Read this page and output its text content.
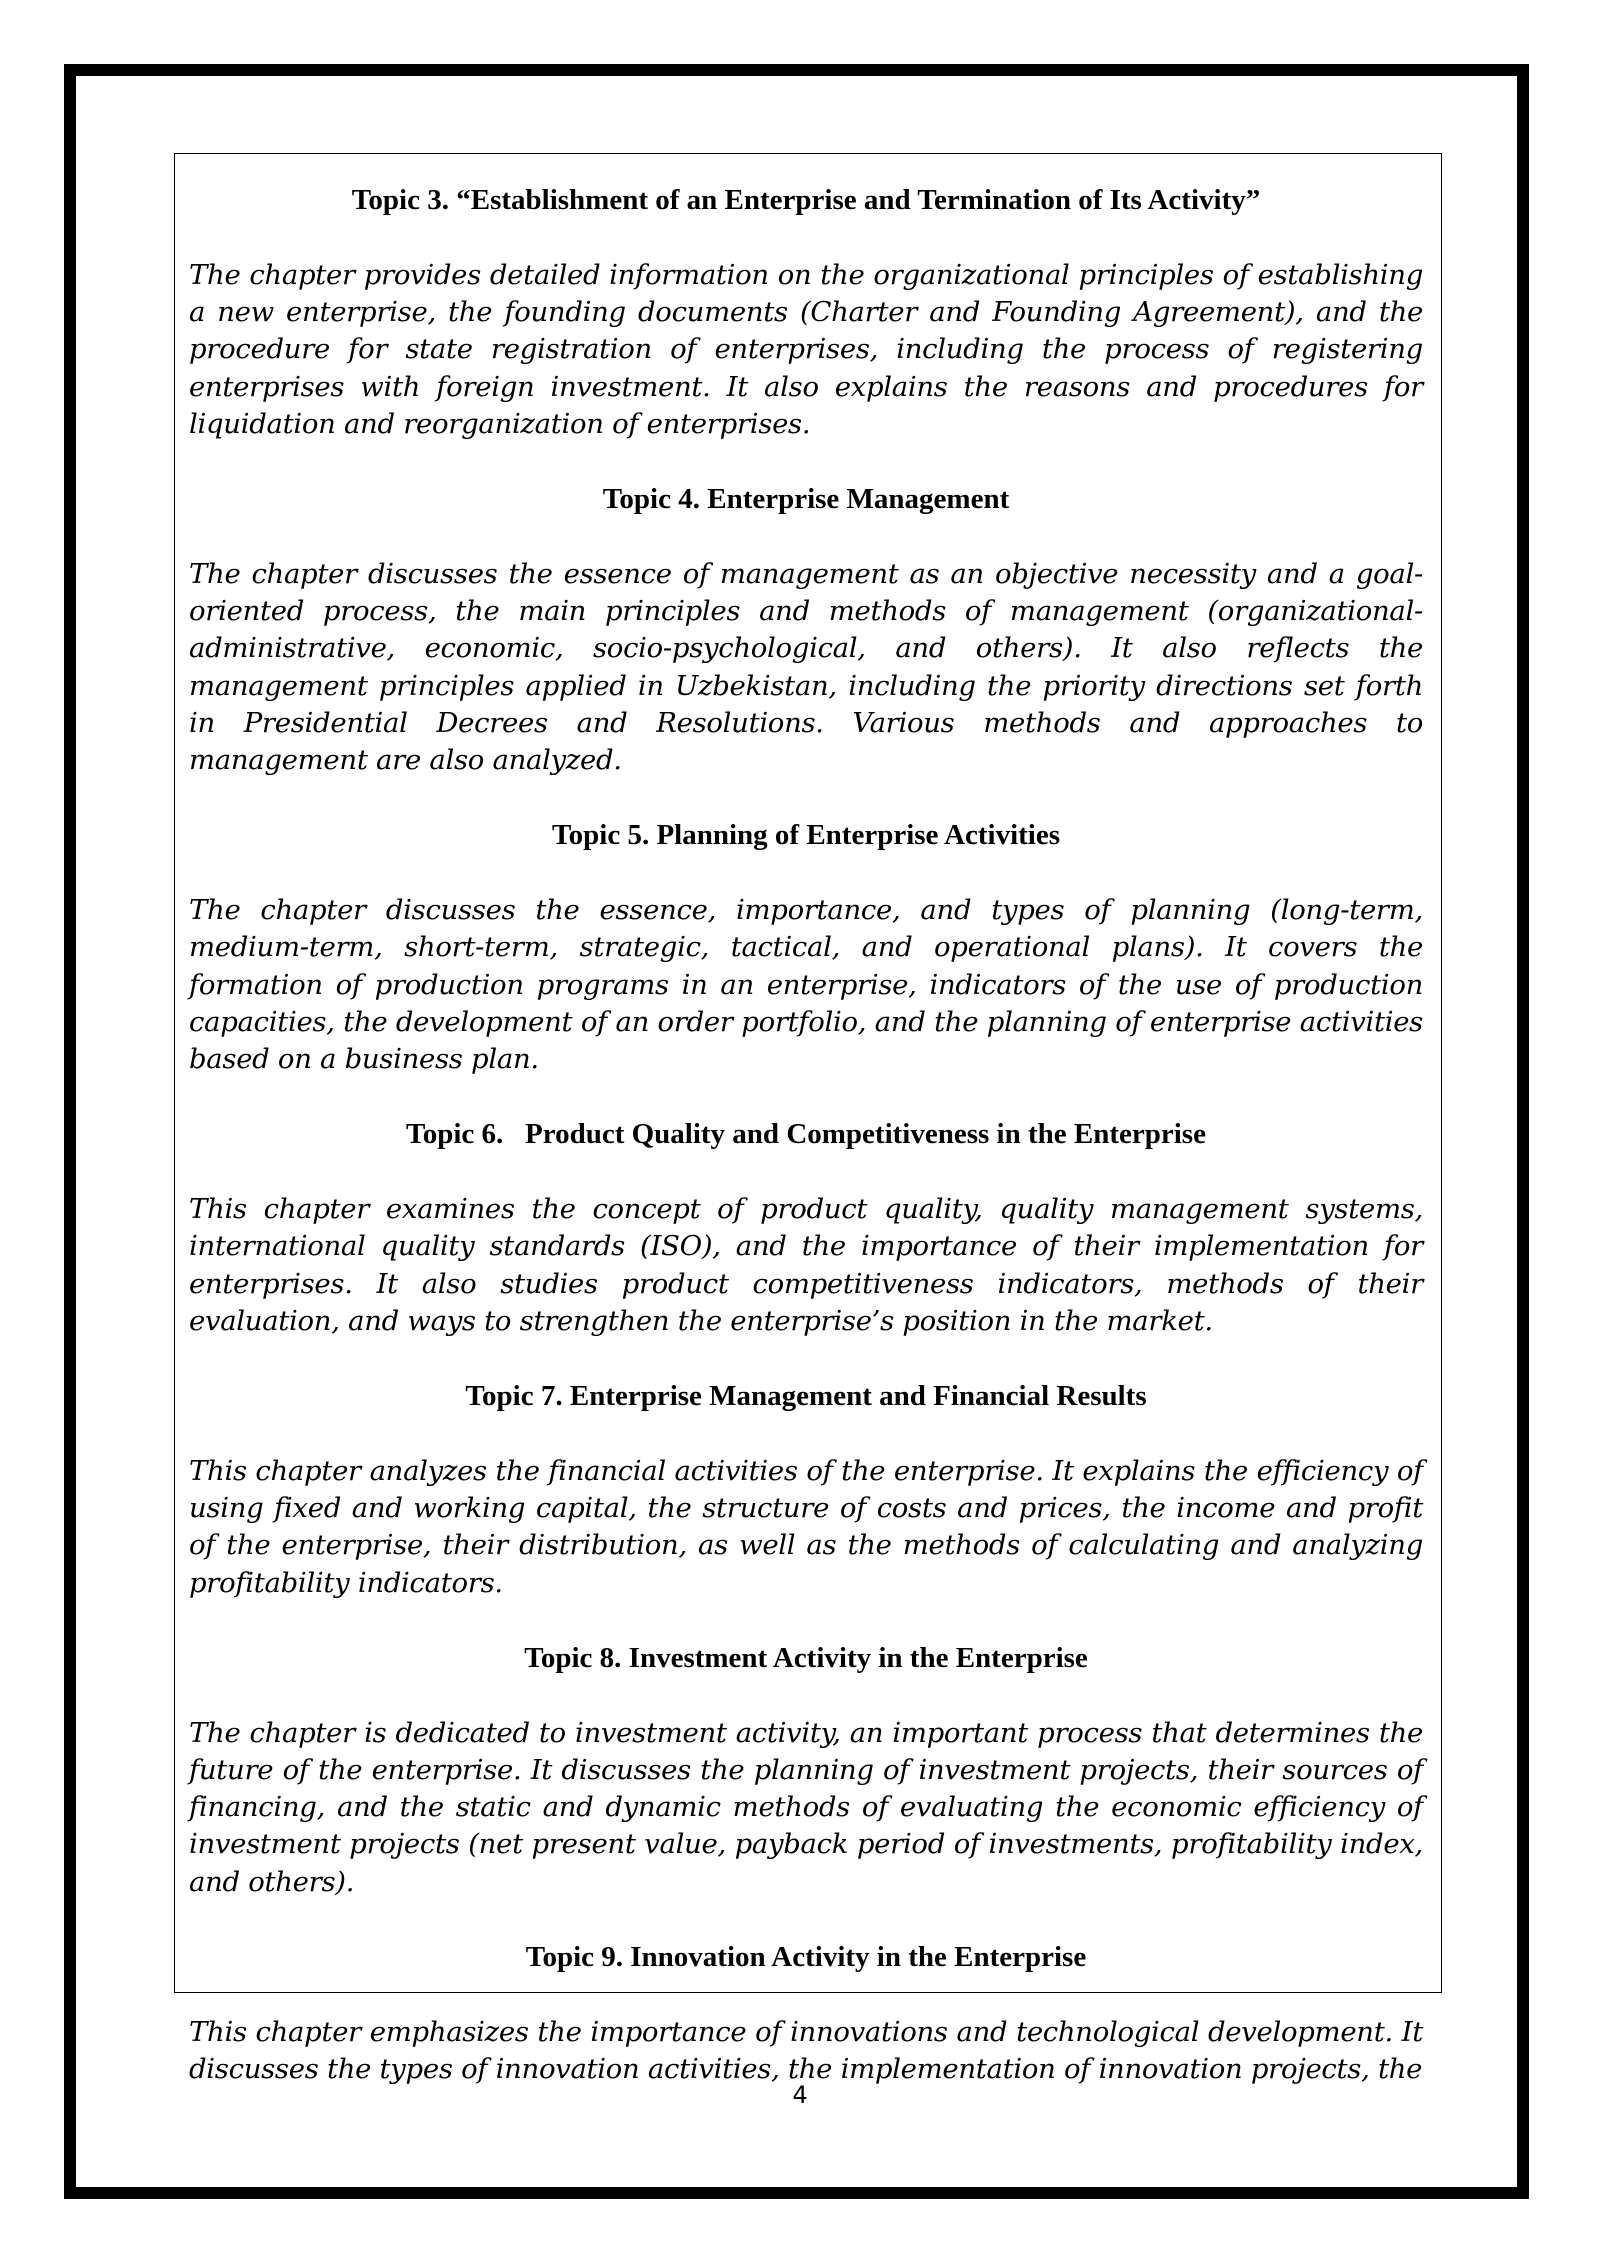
Topic 3. “Establishment of an Enterprise and Termination of Its Activity”

The chapter provides detailed information on the organizational principles of establishing a new enterprise, the founding documents (Charter and Founding Agreement), and the procedure for state registration of enterprises, including the process of registering enterprises with foreign investment. It also explains the reasons and procedures for liquidation and reorganization of enterprises.

Topic 4. Enterprise Management

The chapter discusses the essence of management as an objective necessity and a goal-oriented process, the main principles and methods of management (organizational-administrative, economic, socio-psychological, and others). It also reflects the management principles applied in Uzbekistan, including the priority directions set forth in Presidential Decrees and Resolutions. Various methods and approaches to management are also analyzed.

Topic 5. Planning of Enterprise Activities

The chapter discusses the essence, importance, and types of planning (long-term, medium-term, short-term, strategic, tactical, and operational plans). It covers the formation of production programs in an enterprise, indicators of the use of production capacities, the development of an order portfolio, and the planning of enterprise activities based on a business plan.

Topic 6.   Product Quality and Competitiveness in the Enterprise

This chapter examines the concept of product quality, quality management systems, international quality standards (ISO), and the importance of their implementation for enterprises. It also studies product competitiveness indicators, methods of their evaluation, and ways to strengthen the enterprise’s position in the market.

Topic 7. Enterprise Management and Financial Results

This chapter analyzes the financial activities of the enterprise. It explains the efficiency of using fixed and working capital, the structure of costs and prices, the income and profit of the enterprise, their distribution, as well as the methods of calculating and analyzing profitability indicators.

Topic 8. Investment Activity in the Enterprise

The chapter is dedicated to investment activity, an important process that determines the future of the enterprise. It discusses the planning of investment projects, their sources of financing, and the static and dynamic methods of evaluating the economic efficiency of investment projects (net present value, payback period of investments, profitability index, and others).

Topic 9. Innovation Activity in the Enterprise

This chapter emphasizes the importance of innovations and technological development. It discusses the types of innovation activities, the implementation of innovation projects, the

4
